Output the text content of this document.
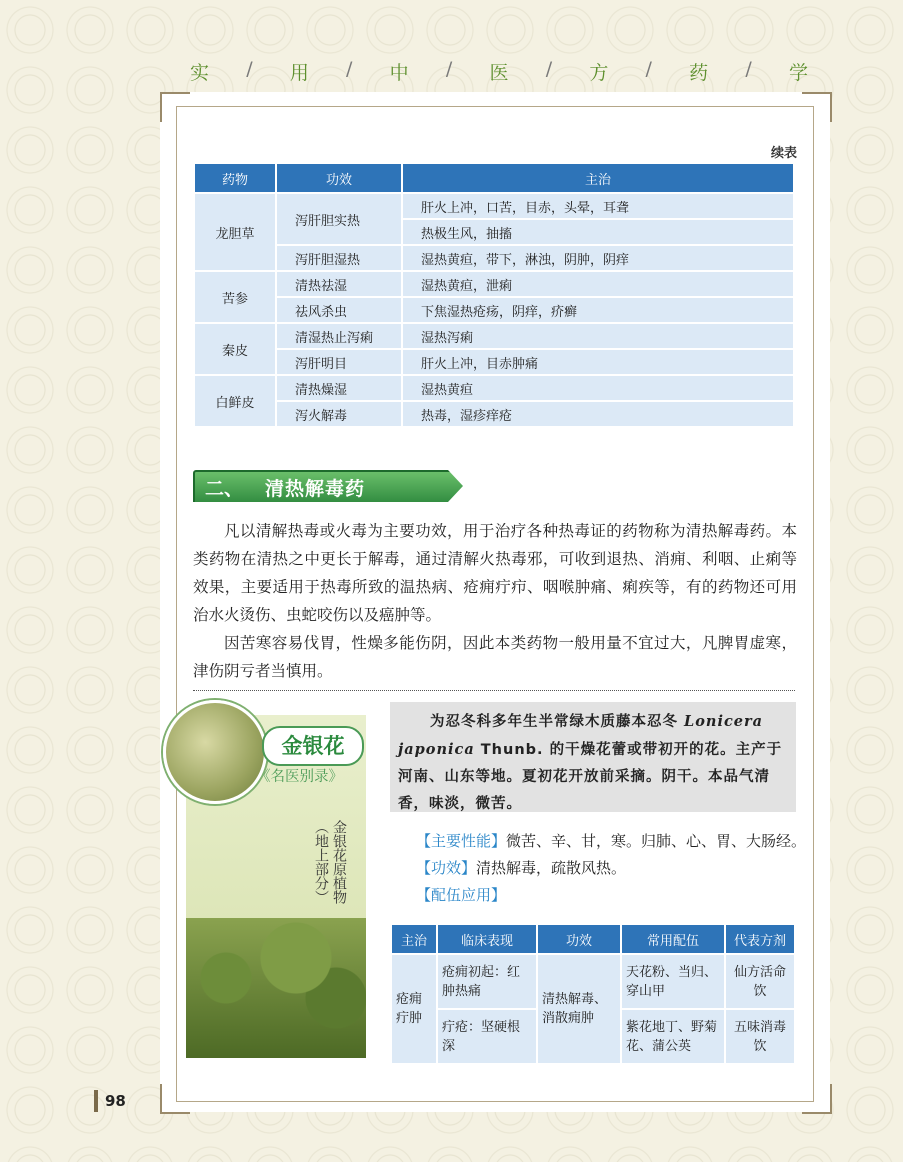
实 / 用 / 中 / 医 / 方 / 药 / 学
续表
药物	功效	主治
龙胆草	泻肝胆实热	肝火上冲，口苦，目赤，头晕，耳聋
		热极生风，抽搐
	泻肝胆湿热	湿热黄疸，带下，淋浊，阴肿，阴痒
苦参	清热祛湿	湿热黄疸，泄痢
	祛风杀虫	下焦湿热疮疡，阴痒，疥癣
秦皮	清湿热止泻痢	湿热泻痢
	泻肝明目	肝火上冲，目赤肿痛
白鲜皮	清热燥湿	湿热黄疸
	泻火解毒	热毒，湿疹痒疮
二、 清热解毒药

凡以清解热毒或火毒为主要功效，用于治疗各种热毒证的药物称为清热解毒药。本类药物在清热之中更长于解毒，通过清解火热毒邪，可收到退热、消痈、利咽、止痢等效果，主要适用于热毒所致的温热病、疮痈疔疖、咽喉肿痛、痢疾等，有的药物还可用治水火烫伤、虫蛇咬伤以及癌肿等。

因苦寒容易伐胃，性燥多能伤阴，因此本类药物一般用量不宜过大，凡脾胃虚寒，津伤阴亏者当慎用。

金银花
《名医别录》
金银花原植物
（地上部分）

为忍冬科多年生半常绿木质藤本忍冬 Lonicera japonica Thunb. 的干燥花蕾或带初开的花。主产于河南、山东等地。夏初花开放前采摘。阴干。本品气清香，味淡，微苦。

【主要性能】微苦、辛、甘，寒。归肺、心、胃、大肠经。
【功效】清热解毒，疏散风热。
【配伍应用】
主治	临床表现	功效	常用配伍	代表方剂
疮痈疔肿	疮痈初起：红肿热痛	清热解毒、消散痈肿	天花粉、当归、穿山甲	仙方活命饮
	疔疮：坚硬根深		紫花地丁、野菊花、蒲公英	五味消毒饮
98
